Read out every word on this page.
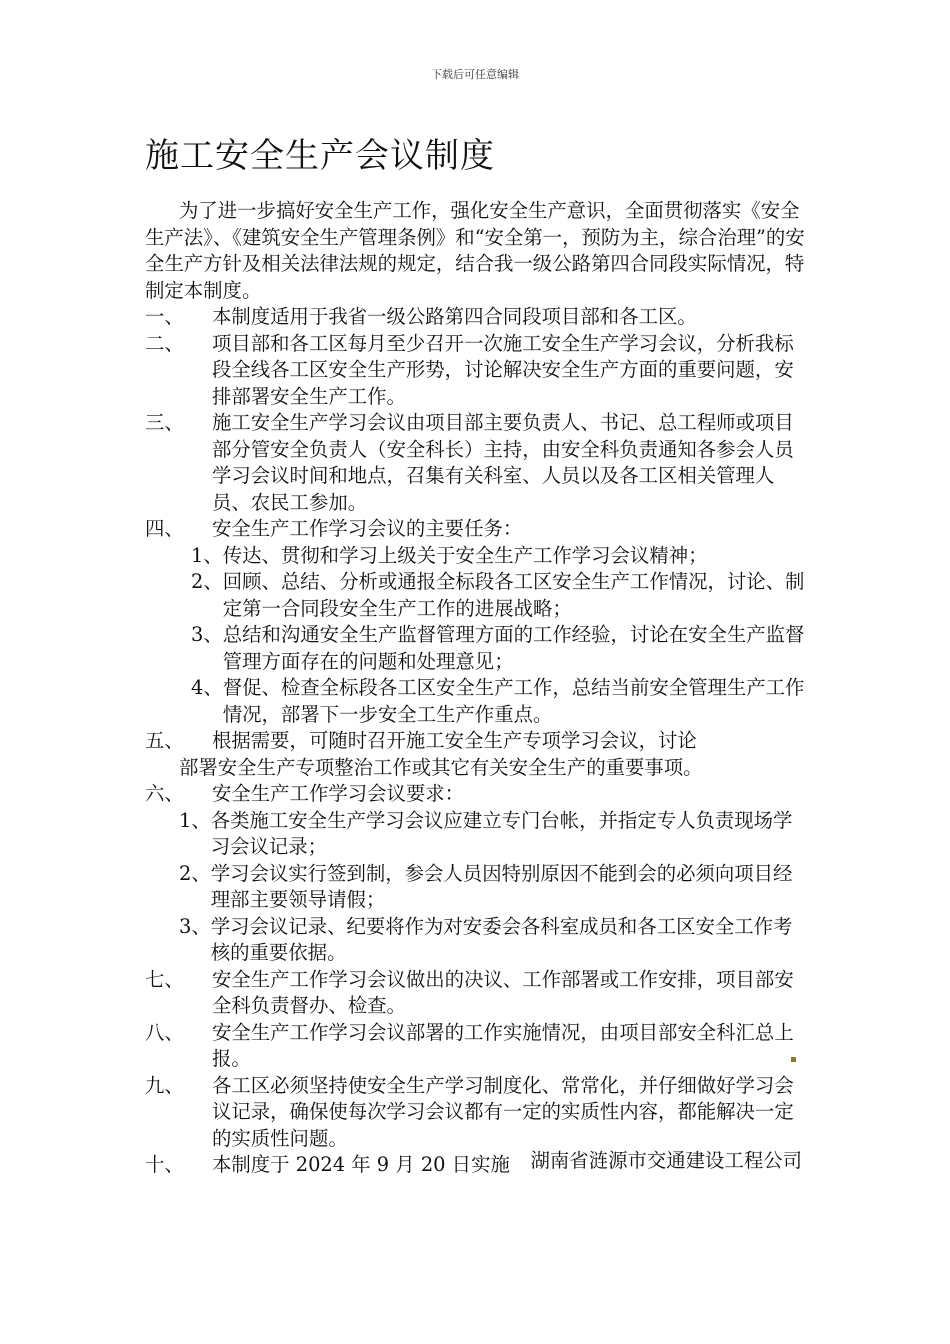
下载后可任意编辑
施工安全生产会议制度
为了进一步搞好安全生产工作，强化安全生产意识，全面贯彻落实《安全生产法》、《建筑安全生产管理条例》和“安全第一，预防为主，综合治理”的安全生产方针及相关法律法规的规定，结合我一级公路第四合同段实际情况，特制定本制度。
一、	本制度适用于我省一级公路第四合同段项目部和各工区。
二、	项目部和各工区每月至少召开一次施工安全生产学习会议，分析我标段全线各工区安全生产形势，讨论解决安全生产方面的重要问题，安排部署安全生产工作。
三、	施工安全生产学习会议由项目部主要负责人、书记、总工程师或项目部分管安全负责人（安全科长）主持，由安全科负责通知各参会人员学习会议时间和地点，召集有关科室、人员以及各工区相关管理人员、农民工参加。
四、	安全生产工作学习会议的主要任务：
1、 传达、贯彻和学习上级关于安全生产工作学习会议精神；
2、 回顾、总结、分析或通报全标段各工区安全生产工作情况，讨论、制定第一合同段安全生产工作的进展战略；
3、 总结和沟通安全生产监督管理方面的工作经验，讨论在安全生产监督管理方面存在的问题和处理意见；
4、 督促、检查全标段各工区安全生产工作，总结当前安全管理生产工作情况，部署下一步安全工生产作重点。
五、	根据需要，可随时召开施工安全生产专项学习会议，讨论
部署安全生产专项整治工作或其它有关安全生产的重要事项。
六、	安全生产工作学习会议要求：
1、 各类施工安全生产学习会议应建立专门台帐，并指定专人负责现场学习会议记录；
2、 学习会议实行签到制，参会人员因特别原因不能到会的必须向项目经理部主要领导请假；
3、 学习会议记录、纪要将作为对安委会各科室成员和各工区安全工作考核的重要依据。
七、	安全生产工作学习会议做出的决议、工作部署或工作安排，项目部安全科负责督办、检查。
八、	安全生产工作学习会议部署的工作实施情况，由项目部安全科汇总上报。
九、	各工区必须坚持使安全生产学习制度化、常常化，并仔细做好学习会议记录，确保使每次学习会议都有一定的实质性内容，都能解决一定的实质性问题。
十、	本制度于 2024 年 9 月 20 日实施	湖南省涟源市交通建设工程公司
